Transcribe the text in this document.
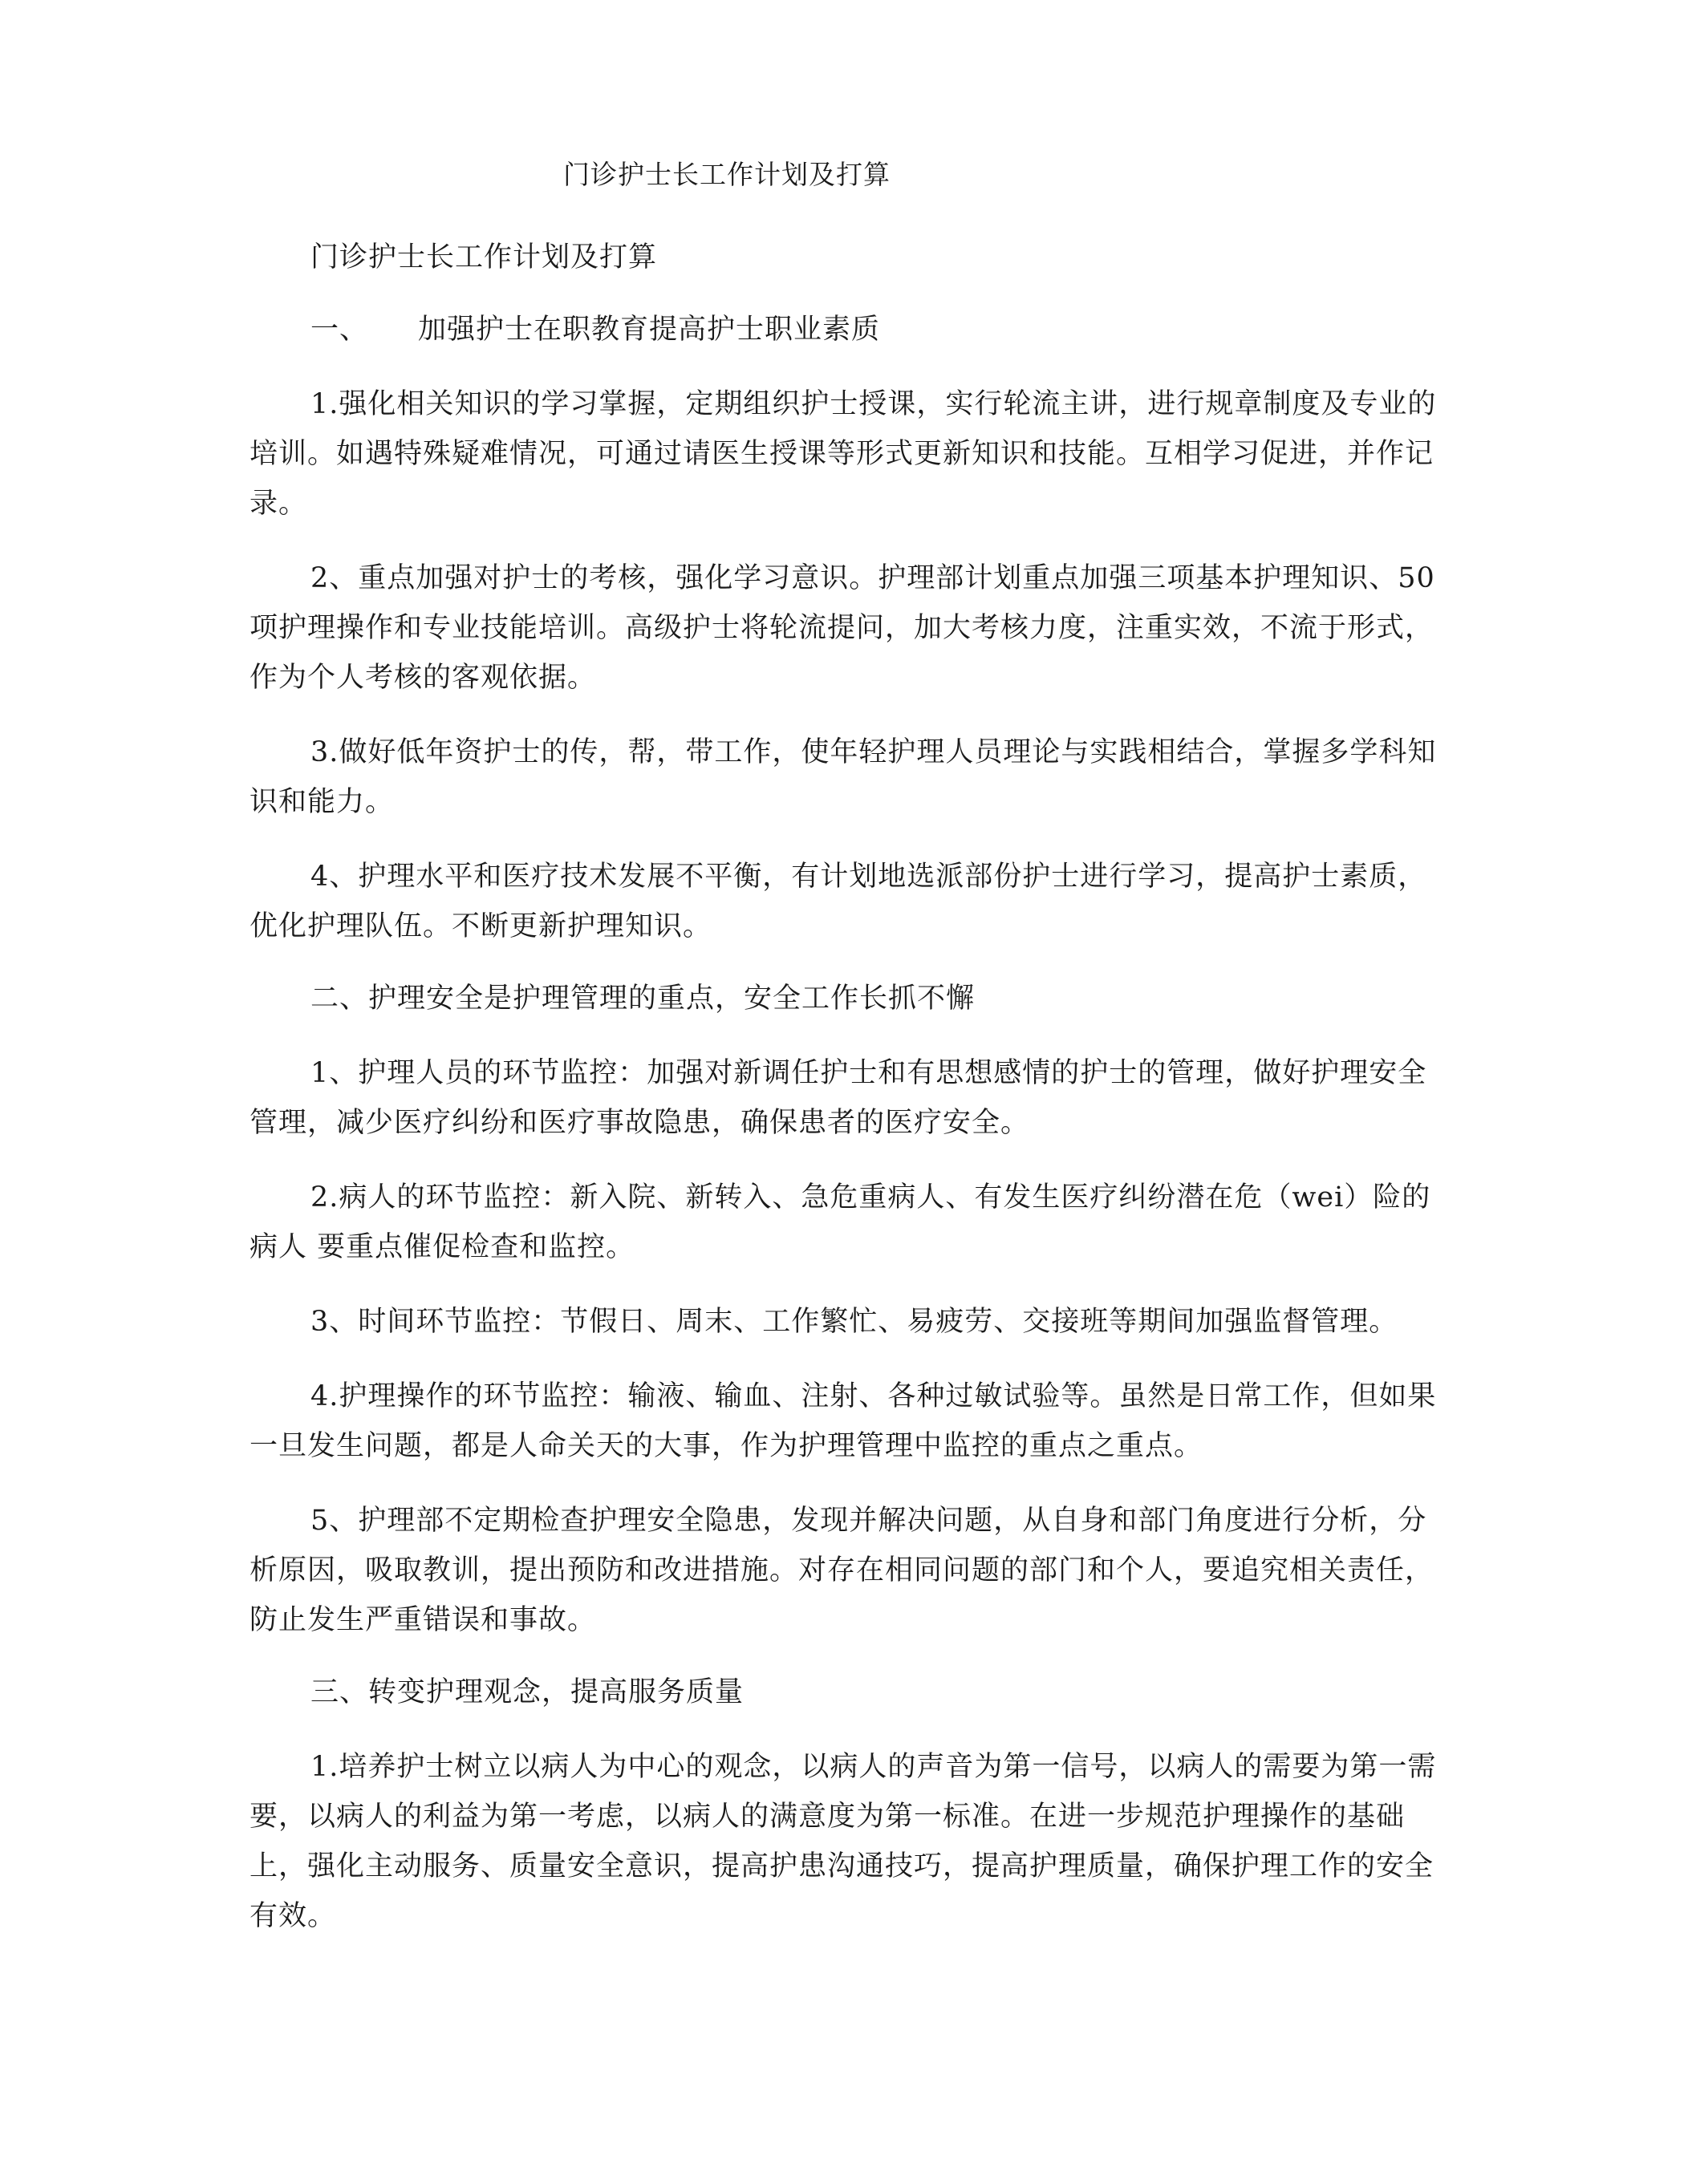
门诊护士长工作计划及打算

门诊护士长工作计划及打算

一、 加强护士在职教育提高护士职业素质

1.强化相关知识的学习掌握，定期组织护士授课，实行轮流主讲，进行规章制度及专业的培训。如遇特殊疑难情况，可通过请医生授课等形式更新知识和技能。互相学习促进，并作记录。

2、重点加强对护士的考核，强化学习意识。护理部计划重点加强三项基本护理知识、50 项护理操作和专业技能培训。高级护士将轮流提问，加大考核力度，注重实效，不流于形式，作为个人考核的客观依据。

3.做好低年资护士的传，帮，带工作，使年轻护理人员理论与实践相结合，掌握多学科知识和能力。

4、护理水平和医疗技术发展不平衡，有计划地选派部份护士进行学习，提高护士素质，优化护理队伍。不断更新护理知识。

二、护理安全是护理管理的重点，安全工作长抓不懈

1、护理人员的环节监控：加强对新调任护士和有思想感情的护士的管理，做好护理安全管理，减少医疗纠纷和医疗事故隐患，确保患者的医疗安全。

2.病人的环节监控：新入院、新转入、急危重病人、有发生医疗纠纷潜在危（wei）险的病人 要重点催促检查和监控。

3、时间环节监控：节假日、周末、工作繁忙、易疲劳、交接班等期间加强监督管理。

4.护理操作的环节监控：输液、输血、注射、各种过敏试验等。虽然是日常工作，但如果一旦发生问题，都是人命关天的大事，作为护理管理中监控的重点之重点。

5、护理部不定期检查护理安全隐患，发现并解决问题，从自身和部门角度进行分析，分析原因，吸取教训，提出预防和改进措施。对存在相同问题的部门和个人，要追究相关责任，防止发生严重错误和事故。

三、转变护理观念，提高服务质量

1.培养护士树立以病人为中心的观念，以病人的声音为第一信号，以病人的需要为第一需要，以病人的利益为第一考虑，以病人的满意度为第一标准。在进一步规范护理操作的基础上，强化主动服务、质量安全意识，提高护患沟通技巧，提高护理质量，确保护理工作的安全有效。
